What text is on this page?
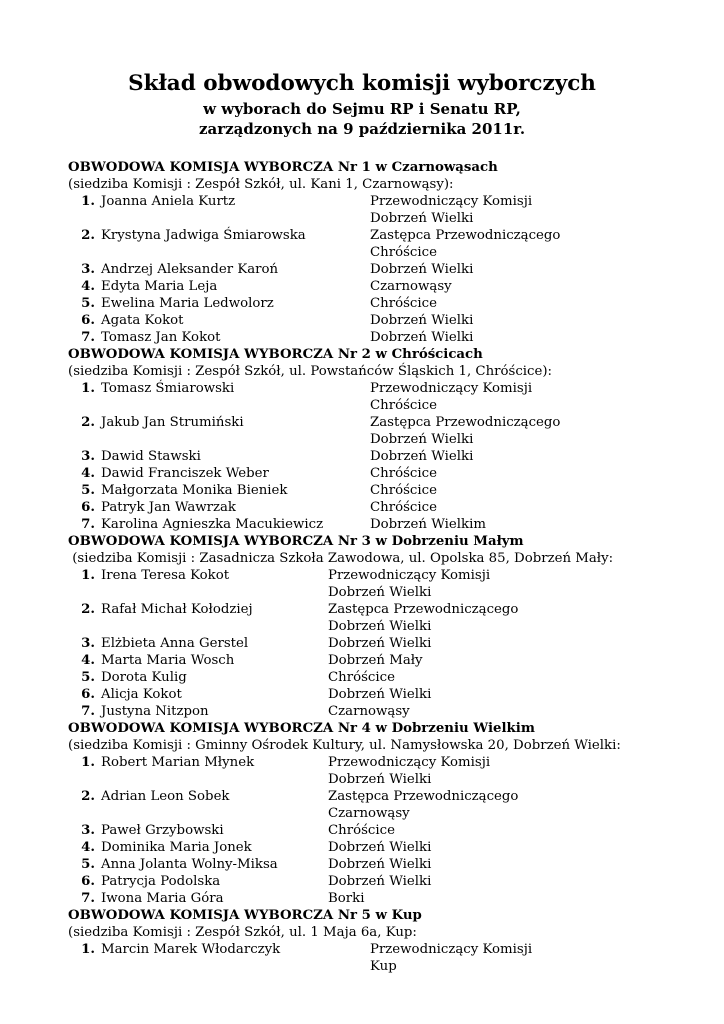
Skład obwodowych komisji wyborczych
w wyborach do Sejmu RP i Senatu RP,
zarządzonych na 9 października 2011r.
OBWODOWA KOMISJA WYBORCZA Nr 1 w Czarnowąsach
(siedziba Komisji : Zespół Szkół, ul. Kani 1, Czarnowąsy):
1. Joanna Aniela Kurtz	Przewodniczący Komisji
Dobrzeń Wielki
2. Krystyna Jadwiga Śmiarowska	Zastępca Przewodniczącego
Chróścice
3. Andrzej Aleksander Karoń	Dobrzeń Wielki
4. Edyta Maria Leja	Czarnowąsy
5. Ewelina Maria Ledwolorz	Chróścice
6. Agata Kokot	Dobrzeń Wielki
7. Tomasz Jan Kokot	Dobrzeń Wielki
OBWODOWA KOMISJA WYBORCZA Nr 2 w Chróścicach
(siedziba Komisji : Zespół Szkół, ul. Powstańców Śląskich 1, Chróścice):
1. Tomasz Śmiarowski	Przewodniczący Komisji
Chróścice
2. Jakub Jan Strumiński	Zastępca Przewodniczącego
Dobrzeń Wielki
3. Dawid Stawski	Dobrzeń Wielki
4. Dawid Franciszek Weber	Chróścice
5. Małgorzata Monika Bieniek	Chróścice
6. Patryk Jan Wawrzak	Chróścice
7. Karolina Agnieszka Macukiewicz	Dobrzeń Wielkim
OBWODOWA KOMISJA WYBORCZA Nr 3 w Dobrzeniu Małym
(siedziba Komisji : Zasadnicza Szkoła Zawodowa, ul. Opolska 85, Dobrzeń Mały:
1. Irena Teresa Kokot	Przewodniczący Komisji
Dobrzeń Wielki
2. Rafał Michał Kołodziej	Zastępca Przewodniczącego
Dobrzeń Wielki
3. Elżbieta Anna Gerstel	Dobrzeń Wielki
4. Marta Maria Wosch	Dobrzeń Mały
5. Dorota Kulig	Chróścice
6. Alicja Kokot	Dobrzeń Wielki
7. Justyna Nitzpon	Czarnowąsy
OBWODOWA KOMISJA WYBORCZA Nr 4 w Dobrzeniu Wielkim
(siedziba Komisji : Gminny Ośrodek Kultury, ul. Namysłowska 20, Dobrzeń Wielki:
1. Robert Marian Młynek	Przewodniczący Komisji
Dobrzeń Wielki
2. Adrian Leon Sobek	Zastępca Przewodniczącego
Czarnowąsy
3. Paweł Grzybowski	Chróścice
4. Dominika Maria Jonek	Dobrzeń Wielki
5. Anna Jolanta Wolny-Miksa	Dobrzeń Wielki
6. Patrycja Podolska	Dobrzeń Wielki
7. Iwona Maria Góra	Borki
OBWODOWA KOMISJA WYBORCZA Nr 5 w Kup
(siedziba Komisji : Zespół Szkół, ul. 1 Maja 6a, Kup:
1. Marcin Marek Włodarczyk	Przewodniczący Komisji
Kup
